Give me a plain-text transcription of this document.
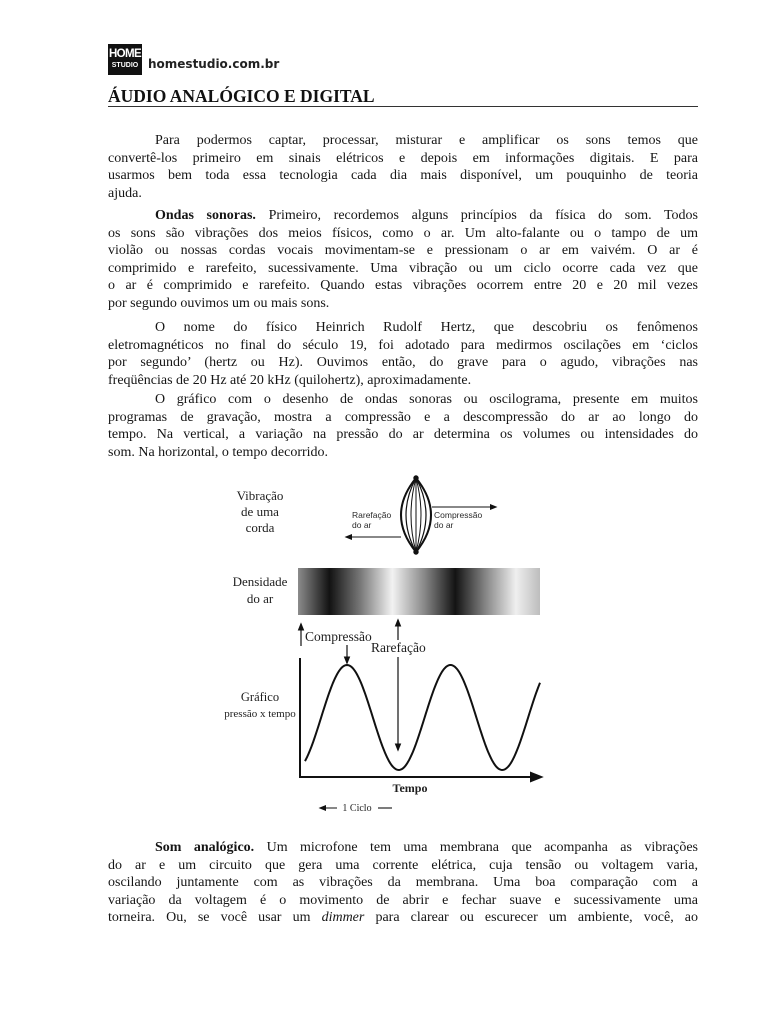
HOME
STUDIO homestudio.com.br
ÁUDIO ANALÓGICO E DIGITAL
Para podermos captar, processar, misturar e amplificar os sons temos que
convertê-los primeiro em sinais elétricos e depois em informações digitais. E para
usarmos bem toda essa tecnologia cada dia mais disponível, um pouquinho de teoria
ajuda.
Ondas sonoras. Primeiro, recordemos alguns princípios da física do som. Todos
os sons são vibrações dos meios físicos, como o ar. Um alto-falante ou o tampo de um
violão ou nossas cordas vocais movimentam-se e pressionam o ar em vaivém. O ar é
comprimido e rarefeito, sucessivamente. Uma vibração ou um ciclo ocorre cada vez que
o ar é comprimido e rarefeito. Quando estas vibrações ocorrem entre 20 e 20 mil vezes
por segundo ouvimos um ou mais sons.
O nome do físico Heinrich Rudolf Hertz, que descobriu os fenômenos
eletromagnéticos no final do século 19, foi adotado para medirmos oscilações em ‘ciclos
por segundo’ (hertz ou Hz). Ouvimos então, do grave para o agudo, vibrações nas
freqüências de 20 Hz até 20 kHz (quilohertz), aproximadamente.
O gráfico com o desenho de ondas sonoras ou oscilograma, presente em muitos
programas de gravação, mostra a compressão e a descompressão do ar ao longo do
tempo. Na vertical, a variação na pressão do ar determina os volumes ou intensidades do
som. Na horizontal, o tempo decorrido.
Vibração
de uma
corda
Rarefação
do ar
Compressão
do ar
Densidade
do ar
Compressão
Rarefação
Gráfico
pressão x tempo
Tempo
1 Ciclo
Som analógico. Um microfone tem uma membrana que acompanha as vibrações
do ar e um circuito que gera uma corrente elétrica, cuja tensão ou voltagem varia,
oscilando juntamente com as vibrações da membrana. Uma boa comparação com a
variação da voltagem é o movimento de abrir e fechar suave e sucessivamente uma
torneira. Ou, se você usar um dimmer para clarear ou escurecer um ambiente, você, ao
